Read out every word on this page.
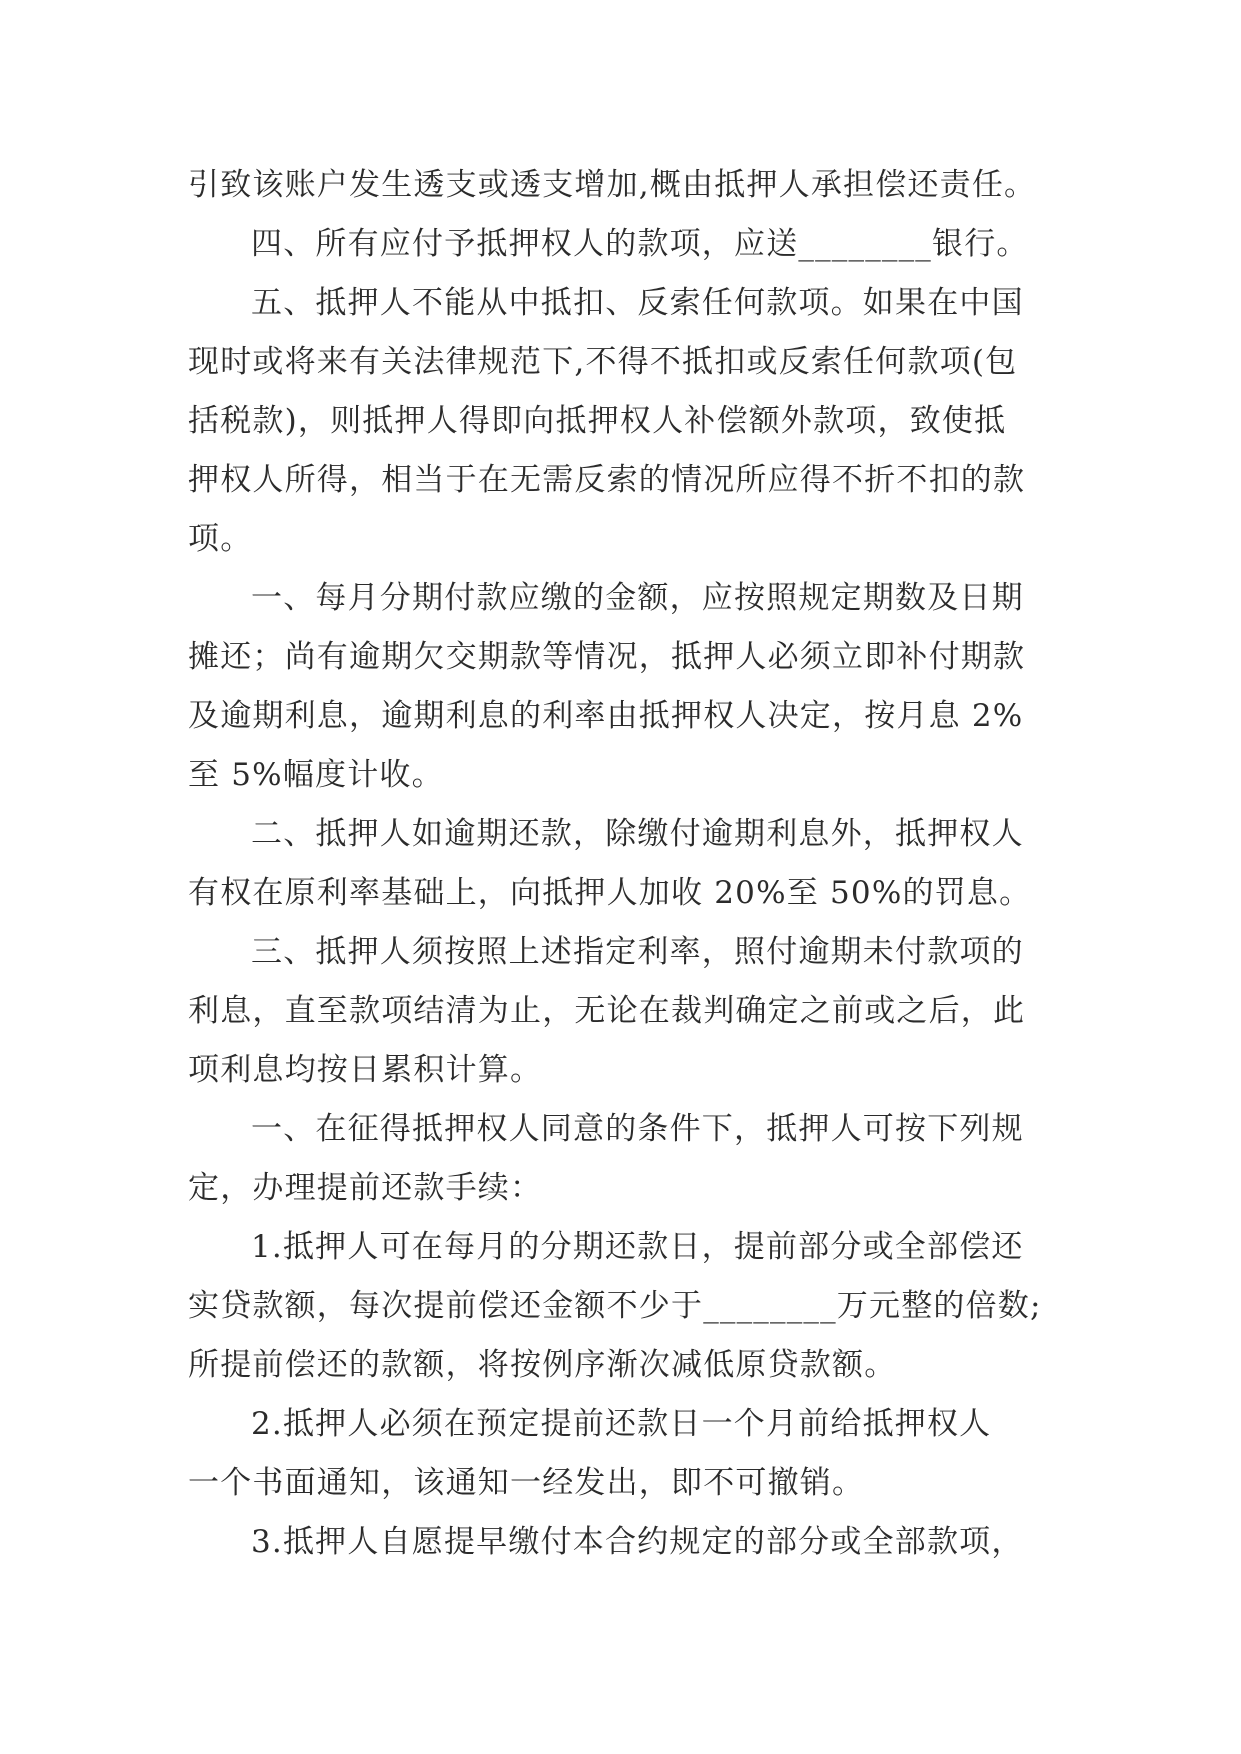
引致该账户发生透支或透支增加,概由抵押人承担偿还责任。
四、所有应付予抵押权人的款项，应送________银行。
五、抵押人不能从中抵扣、反索任何款项。如果在中国
现时或将来有关法律规范下,不得不抵扣或反索任何款项(包
括税款)，则抵押人得即向抵押权人补偿额外款项，致使抵
押权人所得，相当于在无需反索的情况所应得不折不扣的款
项。
一、每月分期付款应缴的金额，应按照规定期数及日期
摊还；尚有逾期欠交期款等情况，抵押人必须立即补付期款
及逾期利息，逾期利息的利率由抵押权人决定，按月息 2%
至 5%幅度计收。
二、抵押人如逾期还款，除缴付逾期利息外，抵押权人
有权在原利率基础上，向抵押人加收 20%至 50%的罚息。
三、抵押人须按照上述指定利率，照付逾期未付款项的
利息，直至款项结清为止，无论在裁判确定之前或之后，此
项利息均按日累积计算。
一、在征得抵押权人同意的条件下，抵押人可按下列规
定，办理提前还款手续：
1.抵押人可在每月的分期还款日，提前部分或全部偿还
实贷款额，每次提前偿还金额不少于________万元整的倍数;
所提前偿还的款额，将按例序渐次减低原贷款额。
2.抵押人必须在预定提前还款日一个月前给抵押权人
一个书面通知，该通知一经发出，即不可撤销。
3.抵押人自愿提早缴付本合约规定的部分或全部款项，
